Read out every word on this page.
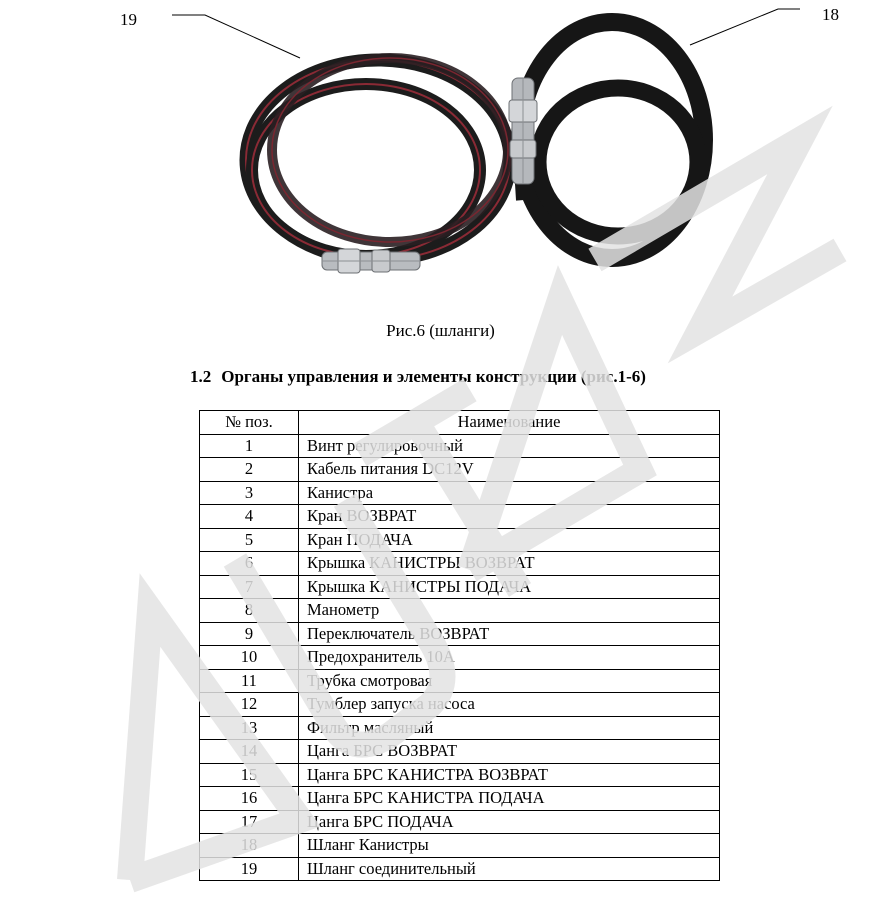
19	18
Рис.6 (шланги)
1.2 Органы управления и элементы конструкции (рис.1-6)
№ поз.	Наименование
1	Винт регулировочный
2	Кабель питания DC12V
3	Канистра
4	Кран ВОЗВРАТ
5	Кран ПОДАЧА
6	Крышка КАНИСТРЫ ВОЗВРАТ
7	Крышка КАНИСТРЫ ПОДАЧА
8	Манометр
9	Переключатель ВОЗВРАТ
10	Предохранитель 10А
11	Трубка смотровая
12	Тумблер запуска насоса
13	Фильтр масляный
14	Цанга БРС ВОЗВРАТ
15	Цанга БРС КАНИСТРА ВОЗВРАТ
16	Цанга БРС КАНИСТРА ПОДАЧА
17	Цанга БРС ПОДАЧА
18	Шланг Канистры
19	Шланг соединительный
